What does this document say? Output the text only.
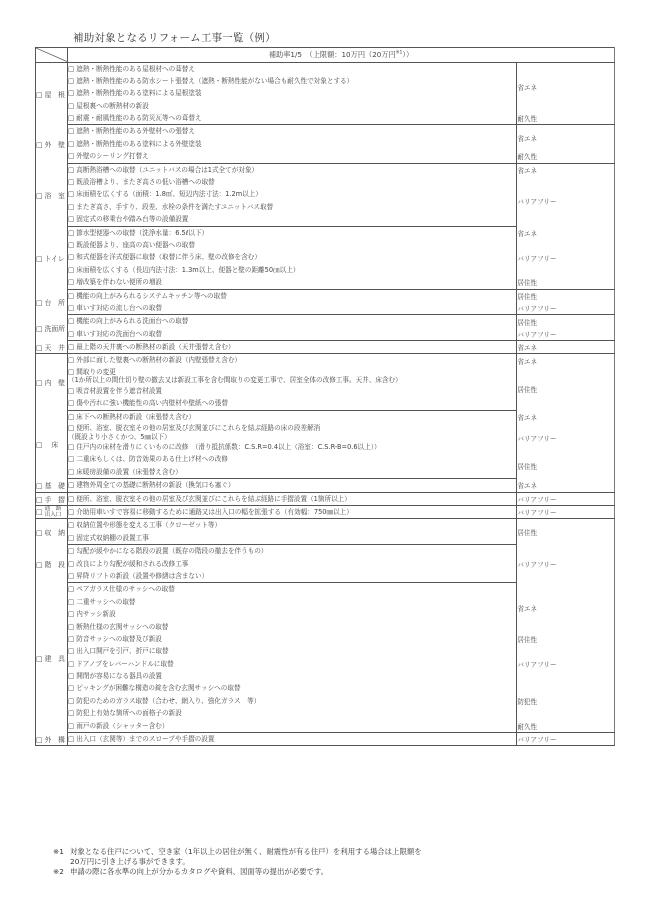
補助対象となるリフォーム工事一覧（例）
	補助率1/5　（上限額：10万円（20万円$^{※1}$））	
□ 屋　根	□ 遮熱・断熱性能のある屋根材への葺替え	省エネ

	□ 遮熱・断熱性能のある防水シート張替え（遮熱・断熱性能がない場合も耐久性で対象とする）	

	□ 遮熱・断熱性能のある塗料による屋根塗装	

	□ 屋根裏への断熱材の新設	

	□ 耐震・耐風性能のある防災瓦等への葺替え	耐久性
□ 外　壁	□ 遮熱・断熱性能のある外壁材への張替え	省エネ

	□ 遮熱・断熱性能のある塗料による外壁塗装	

	□ 外壁のシーリング打替え	耐久性
□ 浴　室	□ 高断熱浴槽への取替（ユニットバスの場合は1式全てが対象）	省エネ

	□ 既設浴槽より、またぎ高さの低い浴槽への取替	バリアフリー

	□ 床面積を広くする（面積：1.8㎡、短辺内法寸法：1.2m以上）	

	□ またぎ高さ、手すり、段差、水栓の条件を満たすユニットバス取替	

	□ 固定式の移乗台や踏み台等の設備設置	

□ トイレ	□ 節水型便器への取替（洗浄水量：6.5ℓ以下）	省エネ

	□ 既設便器より、座高の高い便器への取替	バリアフリー

	□ 和式便器を洋式便器に取替（取替に伴う床、壁の改修を含む）	

	□ 床面積を広くする（長辺内法寸法：1.3m以上、便器と壁の距離50㎝以上）	

	□ 増改築を伴わない便所の増設	居住性
□ 台　所	□ 機能の向上がみられるシステムキッチン等への取替	居住性

	□ 車いす対応の流し台への取替	バリアフリー
□ 洗面所	□ 機能の向上がみられる洗面台への取替	居住性

	□ 車いす対応の洗面台への取替	バリアフリー
□ 天　井	□ 最上階の天井裏への断熱材の新設（天井張替え含む）	省エネ
□ 内　壁	□ 外部に面した壁裏への断熱材の新設（内壁張替え含む）	省エネ

	□ 間取りの変更
（1か所以上の間仕切り壁の撤去又は新設工事を含む間取りの変更工事で、居室全体の改修工事。天井、床含む）	居住性

	□ 吸音材設置を伴う遮音材設置	

	□ 傷や汚れに強い機能性の高い内壁材や壁紙への張替	

□　 床	□ 床下への断熱材の新設（床張替え含む）	省エネ

	□ 便所、浴室、脱衣室その他の居室及び玄関並びにこれらを結ぶ経路の床の段差解消
（既設より小さくかつ、5㎜以下）	バリアフリー

	□ 住戸内の床材を滑りにくいものに改修　（滑り抵抗係数：C.S.R=0.4以上（浴室：C.S.R-B=0.6以上））	

	□ 二重床もしくは、防音効果のある仕上げ材への改修	居住性

	□ 床暖房設備の設置（床張替え含む）	

□ 基　礎	□ 建物外周全ての基礎に断熱材の新設（換気口も塞ぐ）	省エネ
□ 手　摺	□ 便所、浴室、脱衣室その他の居室及び玄関並びにこれらを結ぶ経路に手摺設置（1箇所以上）	バリアフリー
□ 通　路
出入口	□ 介助用車いすで容易に移動するために通路又は出入口の幅を拡張する（有効幅：750㎜以上）	バリアフリー
□ 収　納	□ 収納位置や形態を変える工事（クローゼット等）	居住性

	□ 固定式収納棚の設置工事	

□ 階　段	□ 勾配が緩やかになる階段の設置（既存の階段の撤去を伴うもの）	バリアフリー

	□ 改良により勾配が緩和される改修工事	

	□ 昇降リフトの新設（設置や修繕は含まない）	

□ 建　具	□ ペアガラス仕様のサッシへの取替	省エネ

	□ 二重サッシへの取替	

	□ 内サッシ新設	

	□ 断熱仕様の玄関サッシへの取替	

	□ 防音サッシへの取替及び新設	居住性

	□ 出入口開戸を引戸、折戸に取替	バリアフリー

	□ ドアノブをレバーハンドルに取替	

	□ 開閉が容易になる器具の設置	

	□ ピッキングが困難な構造の錠を含む玄関サッシへの取替	防犯性

	□ 防犯のためのガラス取替（合わせ、網入り、強化ガラス　等）	

	□ 防犯上有効な箇所への面格子の新設	

	□ 雨戸の新設（シャッター含む）	耐久性
□ 外　構	□ 出入口（玄関等）までのスロープや手摺の設置	バリアフリー
※1 対象となる住戸について、空き家（1年以上の居住が無く、耐震性が有る住戸）を利用する場合は上限額を
20万円に引き上げる事ができます。
※2 申請の際に各水準の向上が分かるカタログや資料、図面等の提出が必要です。
